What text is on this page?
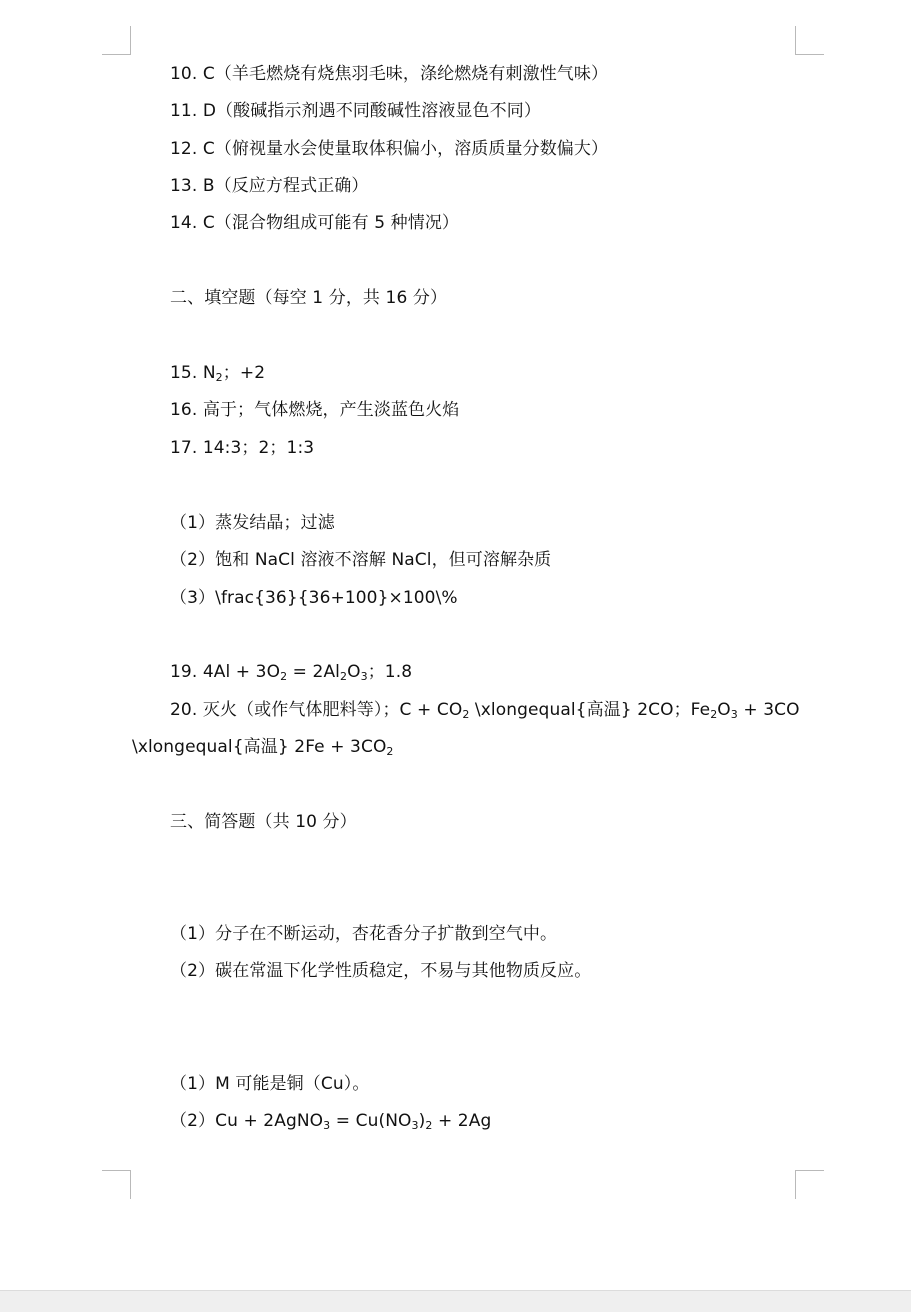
10. C（羊毛燃烧有烧焦羽毛味，涤纶燃烧有刺激性气味）
11. D（酸碱指示剂遇不同酸碱性溶液显色不同）
12. C（俯视量水会使量取体积偏小，溶质质量分数偏大）
13. B（反应方程式正确）
14. C（混合物组成可能有 5 种情况）
二、填空题（每空 1 分，共 16 分）
15. $N_2$；+2
16. 高于；气体燃烧，产生淡蓝色火焰
17. 14:3；2；1:3
（1）蒸发结晶；过滤
（2）饱和 NaCl 溶液不溶解 NaCl，但可溶解杂质
（3）\frac{36}{36+100}×100\%
19. $4Al + 3O_2 = 2Al_2O_3$；1.8
20. 灭火（或作气体肥料等）；$C + CO_2$ \xlongequal{高温} 2CO；$Fe_2O_3 + 3CO$
\xlongequal{高温} $2Fe + 3CO_2$
三、简答题（共 10 分）
（1）分子在不断运动，杏花香分子扩散到空气中。
（2）碳在常温下化学性质稳定，不易与其他物质反应。
（1）M 可能是铜（Cu）。
（2）Cu + 2AgNO$_3$ = $Cu(NO_3)_2 + 2Ag$
